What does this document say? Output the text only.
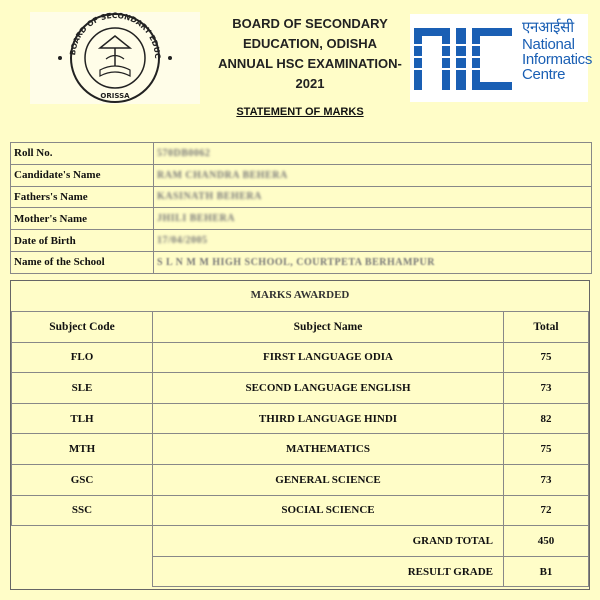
BOARD OF SECONDARY EDUC
ORISSA
BOARD OF SECONDARY
EDUCATION, ODISHA
ANNUAL HSC EXAMINATION-
2021
एनआईसी
National
Informatics
Centre
STATEMENT OF MARKS
Roll No.	570DB0062
Candidate's Name	RAM CHANDRA BEHERA
Fathers's Name	KASINATH BEHERA
Mother's Name	JHILI BEHERA
Date of Birth	17/04/2005
Name of the School	S L N M M HIGH SCHOOL, COURTPETA BERHAMPUR
MARKS AWARDED
Subject Code	Subject Name	Total
FLO	FIRST LANGUAGE ODIA	75
SLE	SECOND LANGUAGE ENGLISH	73
TLH	THIRD LANGUAGE HINDI	82
MTH	MATHEMATICS	75
GSC	GENERAL SCIENCE	73
SSC	SOCIAL SCIENCE	72
	GRAND TOTAL	450
	RESULT GRADE	B1
